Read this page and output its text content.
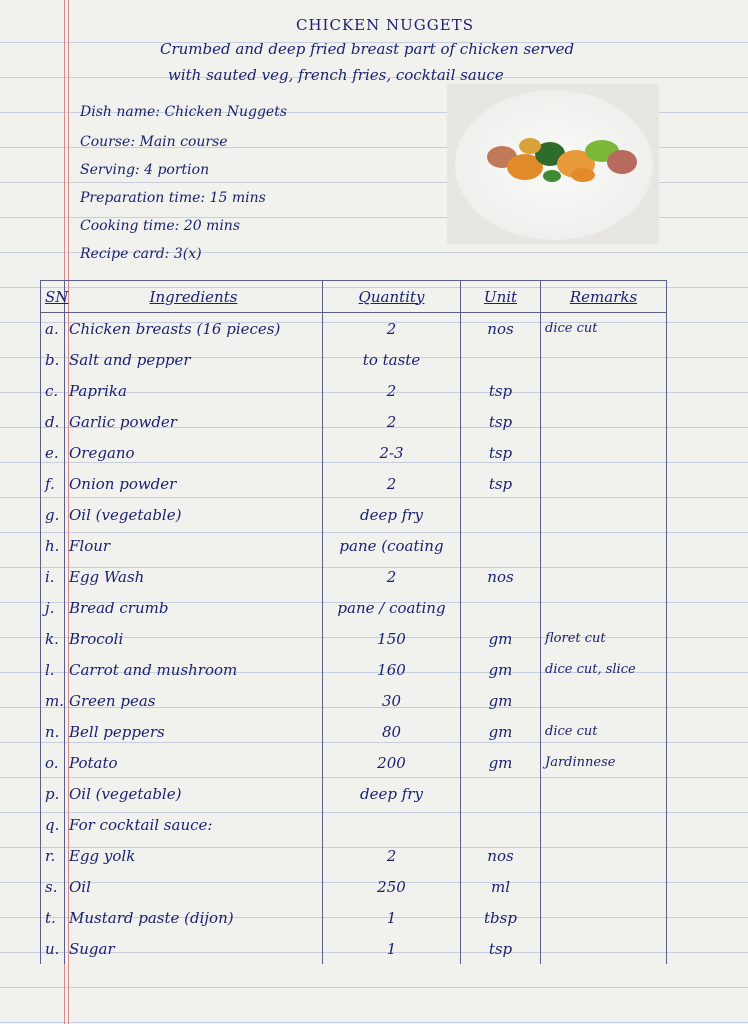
CHICKEN NUGGETS
Crumbed and deep fried breast part of chicken served
with sauted veg, french fries, cocktail sauce
Dish name: Chicken Nuggets
Course: Main course
Serving: 4 portion
Preparation time: 15 mins
Cooking time: 20 mins
Recipe card: 3(x)
SN	Ingredients	Quantity	Unit	Remarks
a.	Chicken breasts (16 pieces)	2	nos	dice cut
b.	Salt and pepper	to taste		
c.	Paprika	2	tsp	
d.	Garlic powder	2	tsp	
e.	Oregano	2-3	tsp	
f.	Onion powder	2	tsp	
g.	Oil (vegetable)	deep fry		
h.	Flour	pane (coating		
i.	Egg Wash	2	nos	
j.	Bread crumb	pane / coating		
k.	Brocoli	150	gm	floret cut
l.	Carrot and mushroom	160	gm	dice cut, slice
m.	Green peas	30	gm	
n.	Bell peppers	80	gm	dice cut
o.	Potato	200	gm	Jardinnese
p.	Oil (vegetable)	deep fry		
q.	For cocktail sauce:			
r.	Egg yolk	2	nos	
s.	Oil	250	ml	
t.	Mustard paste (dijon)	1	tbsp	
u.	Sugar	1	tsp	
